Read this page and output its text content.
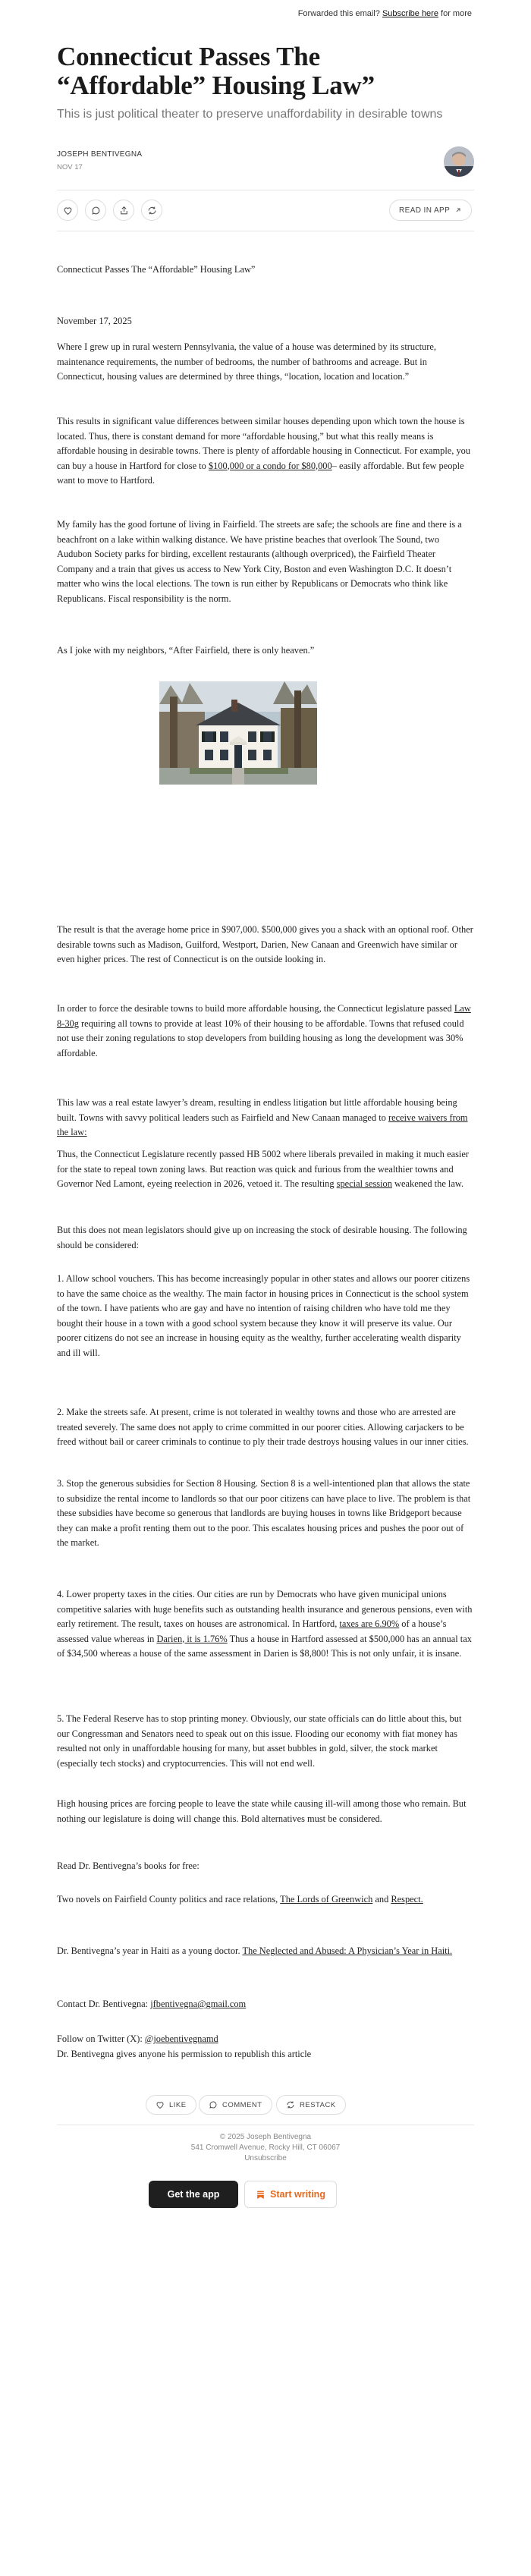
Forwarded this email? Subscribe here for more
Connecticut Passes The “Affordable” Housing Law”
This is just political theater to preserve unaffordability in desirable towns
JOSEPH BENTIVEGNA
NOV 17
READ IN APP
Connecticut Passes The “Affordable” Housing Law”
November 17, 2025
Where I grew up in rural western Pennsylvania, the value of a house was determined by its structure, maintenance requirements, the number of bedrooms, the number of bathrooms and acreage. But in Connecticut, housing values are determined by three things, “location, location and location.”
This results in significant value differences between similar houses depending upon which town the house is located. Thus, there is constant demand for more “affordable housing,” but what this really means is affordable housing in desirable towns. There is plenty of affordable housing in Connecticut. For example, you can buy a house in Hartford for close to $100,000 or a condo for $80,000– easily affordable. But few people want to move to Hartford.
My family has the good fortune of living in Fairfield. The streets are safe; the schools are fine and there is a beachfront on a lake within walking distance. We have pristine beaches that overlook The Sound, two Audubon Society parks for birding, excellent restaurants (although overpriced), the Fairfield Theater Company and a train that gives us access to New York City, Boston and even Washington D.C. It doesn’t matter who wins the local elections. The town is run either by Republicans or Democrats who think like Republicans. Fiscal responsibility is the norm.
As I joke with my neighbors, “After Fairfield, there is only heaven.”
The result is that the average home price in $907,000. $500,000 gives you a shack with an optional roof. Other desirable towns such as Madison, Guilford, Westport, Darien, New Canaan and Greenwich have similar or even higher prices. The rest of Connecticut is on the outside looking in.
In order to force the desirable towns to build more affordable housing, the Connecticut legislature passed Law 8-30g requiring all towns to provide at least 10% of their housing to be affordable. Towns that refused could not use their zoning regulations to stop developers from building housing as long the development was 30% affordable.
This law was a real estate lawyer’s dream, resulting in endless litigation but little affordable housing being built. Towns with savvy political leaders such as Fairfield and New Canaan managed to receive waivers from the law:
Thus, the Connecticut Legislature recently passed HB 5002 where liberals prevailed in making it much easier for the state to repeal town zoning laws. But reaction was quick and furious from the wealthier towns and Governor Ned Lamont, eyeing reelection in 2026, vetoed it. The resulting special session weakened the law.
But this does not mean legislators should give up on increasing the stock of desirable housing. The following should be considered:
1. Allow school vouchers. This has become increasingly popular in other states and allows our poorer citizens to have the same choice as the wealthy. The main factor in housing prices in Connecticut is the school system of the town. I have patients who are gay and have no intention of raising children who have told me they bought their house in a town with a good school system because they know it will preserve its value. Our poorer citizens do not see an increase in housing equity as the wealthy, further accelerating wealth disparity and ill will.
2. Make the streets safe. At present, crime is not tolerated in wealthy towns and those who are arrested are treated severely. The same does not apply to crime committed in our poorer cities. Allowing carjackers to be freed without bail or career criminals to continue to ply their trade destroys housing values in our inner cities.
3. Stop the generous subsidies for Section 8 Housing. Section 8 is a well-intentioned plan that allows the state to subsidize the rental income to landlords so that our poor citizens can have place to live. The problem is that these subsidies have become so generous that landlords are buying houses in towns like Bridgeport because they can make a profit renting them out to the poor. This escalates housing prices and pushes the poor out of the market.
4. Lower property taxes in the cities. Our cities are run by Democrats who have given municipal unions competitive salaries with huge benefits such as outstanding health insurance and generous pensions, even with early retirement. The result, taxes on houses are astronomical. In Hartford, taxes are 6.90% of a house’s assessed value whereas in Darien, it is 1.76% Thus a house in Hartford assessed at $500,000 has an annual tax of $34,500 whereas a house of the same assessment in Darien is $8,800! This is not only unfair, it is insane.
5. The Federal Reserve has to stop printing money. Obviously, our state officials can do little about this, but our Congressman and Senators need to speak out on this issue. Flooding our economy with fiat money has resulted not only in unaffordable housing for many, but asset bubbles in gold, silver, the stock market (especially tech stocks) and cryptocurrencies. This will not end well.
High housing prices are forcing people to leave the state while causing ill-will among those who remain. But nothing our legislature is doing will change this. Bold alternatives must be considered.
Read Dr. Bentivegna’s books for free:
Two novels on Fairfield County politics and race relations, The Lords of Greenwich and Respect.
Dr. Bentivegna’s year in Haiti as a young doctor. The Neglected and Abused: A Physician’s Year in Haiti.
Contact Dr. Bentivegna: jfbentivegna@gmail.com
Follow on Twitter (X): @joebentivegnamd
Dr. Bentivegna gives anyone his permission to republish this article
LIKE	COMMENT	RESTACK
© 2025 Joseph Bentivegna
541 Cromwell Avenue, Rocky Hill, CT 06067
Unsubscribe
Get the app	Start writing
